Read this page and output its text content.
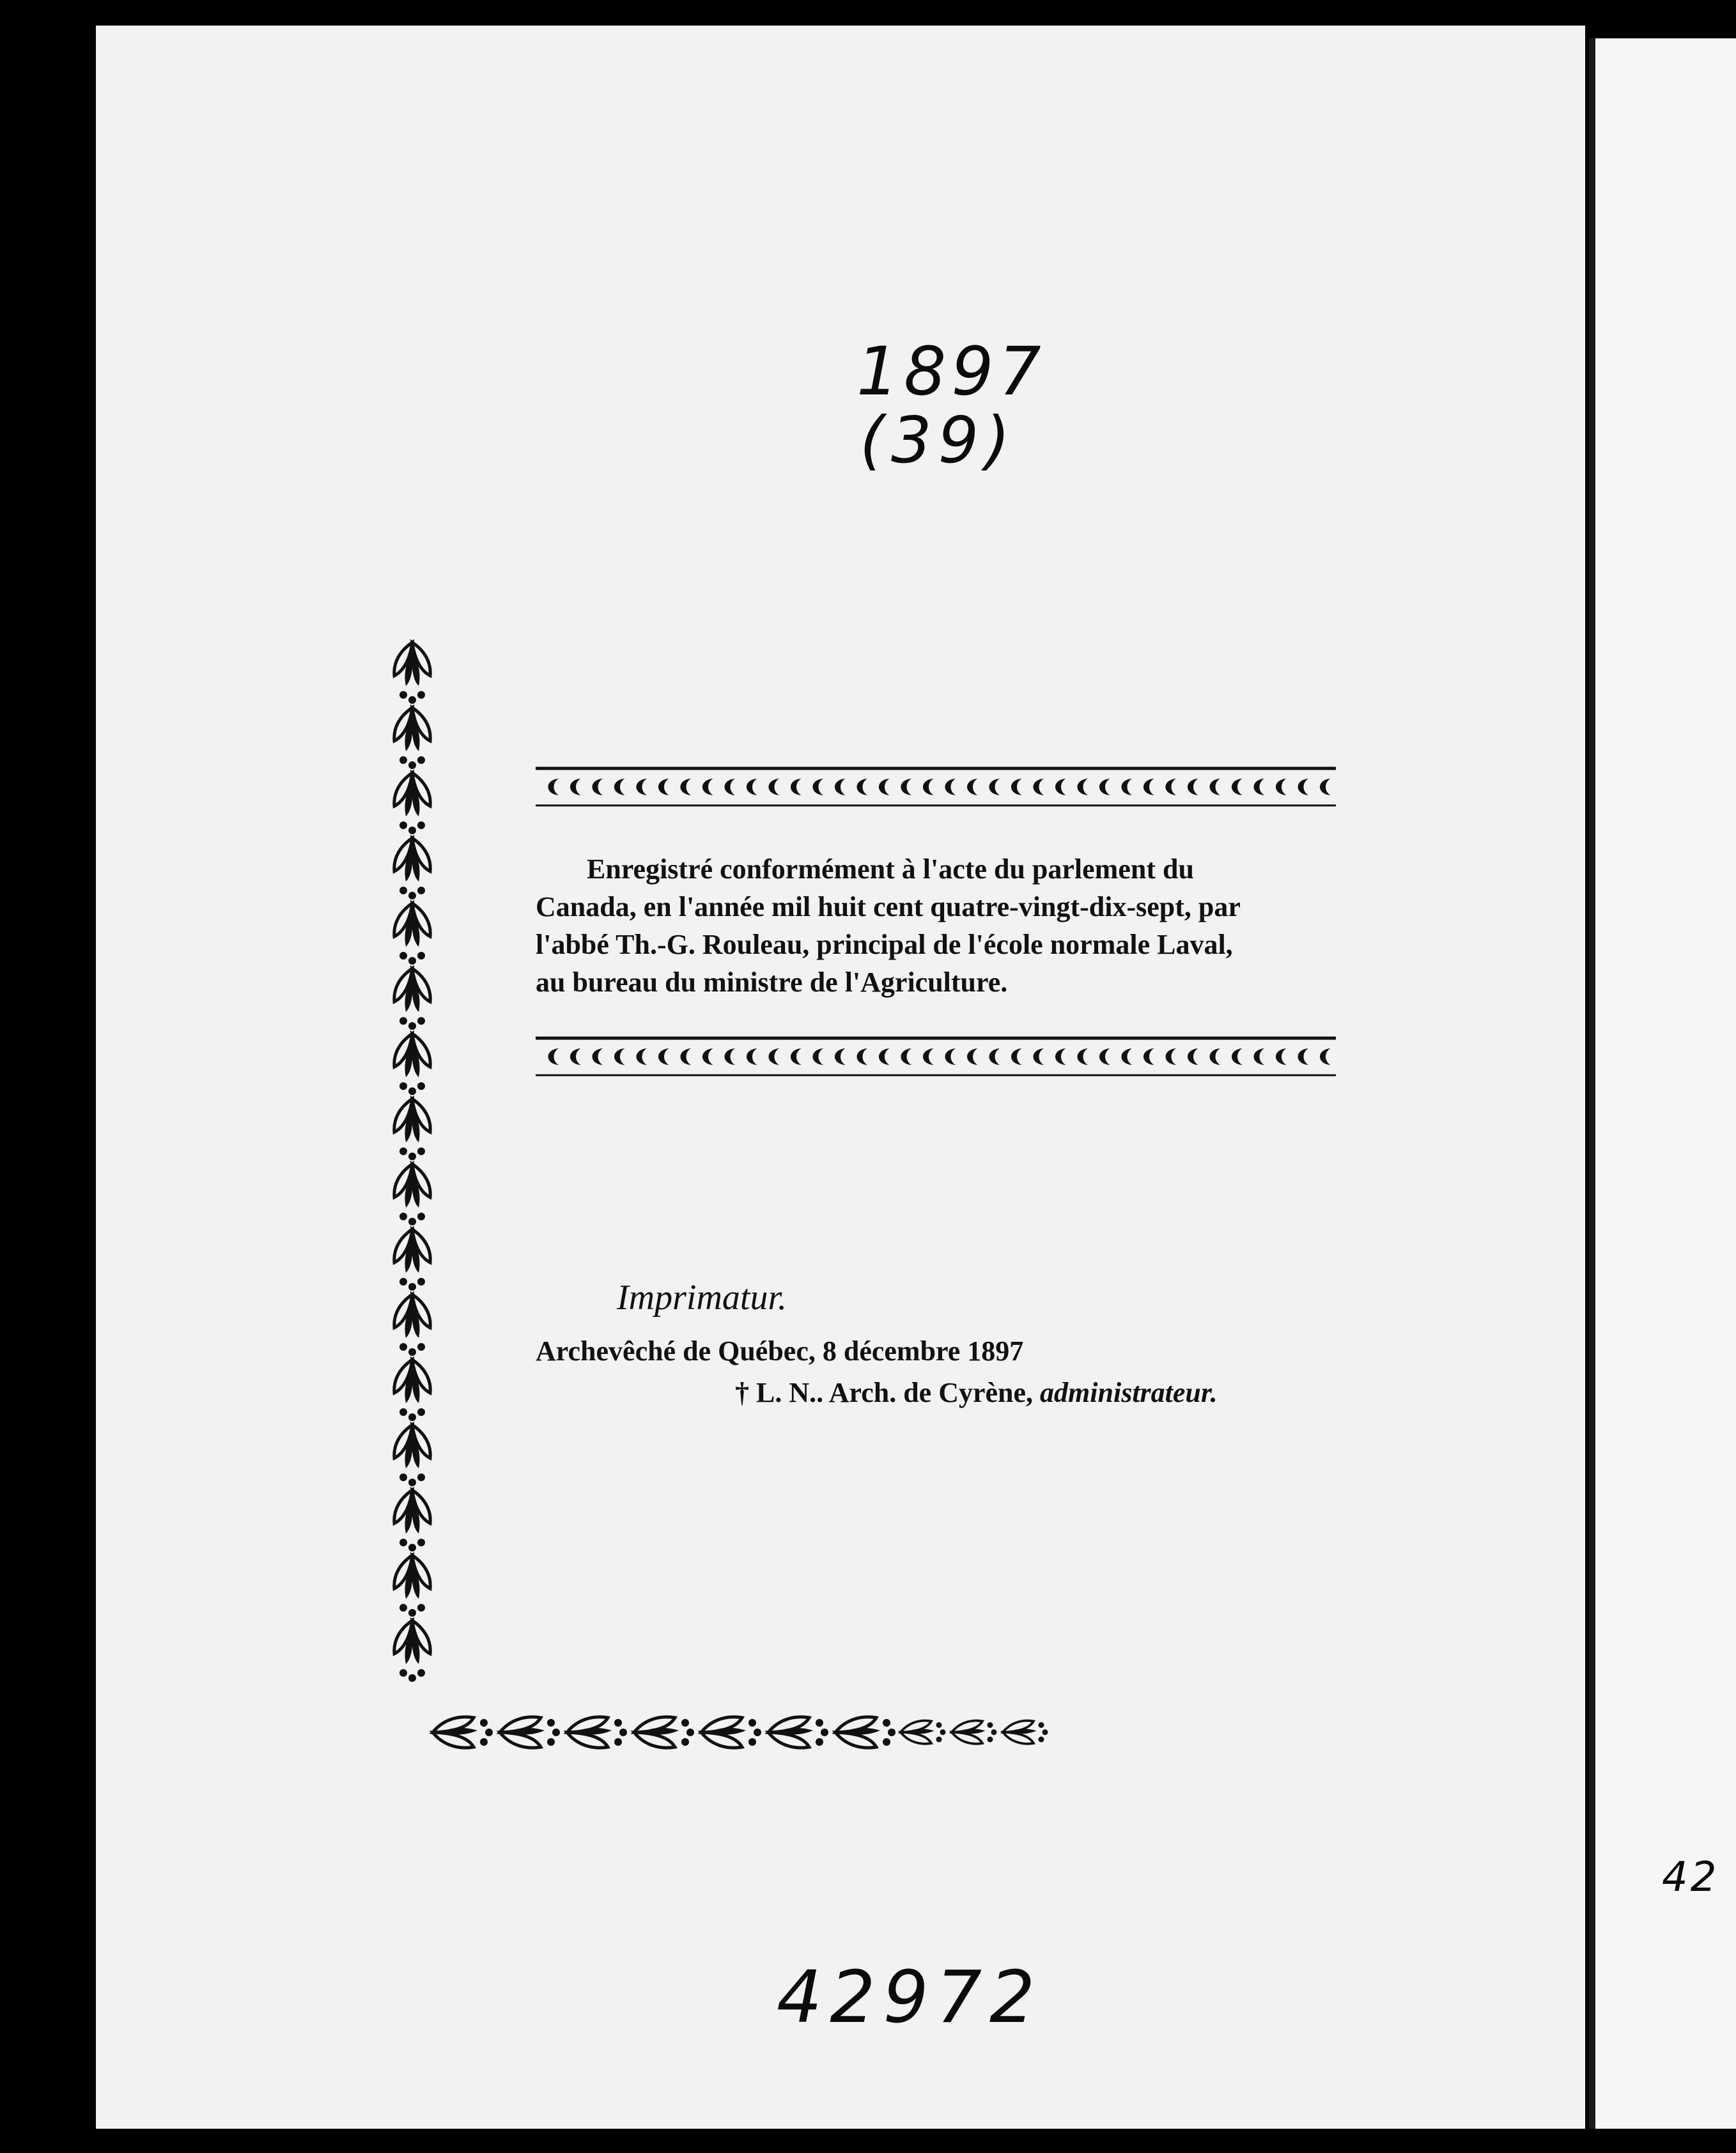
1897
(39)
Enregistré conformément à l'acte du parlement du
Canada, en l'année mil huit cent quatre-vingt-dix-sept, par
l'abbé Th.-G. Rouleau, principal de l'école normale Laval,
au bureau du ministre de l'Agriculture.
Imprimatur.
Archevêché de Québec, 8 décembre 1897
† L. N.. Arch. de Cyrène, administrateur.
42972
42
